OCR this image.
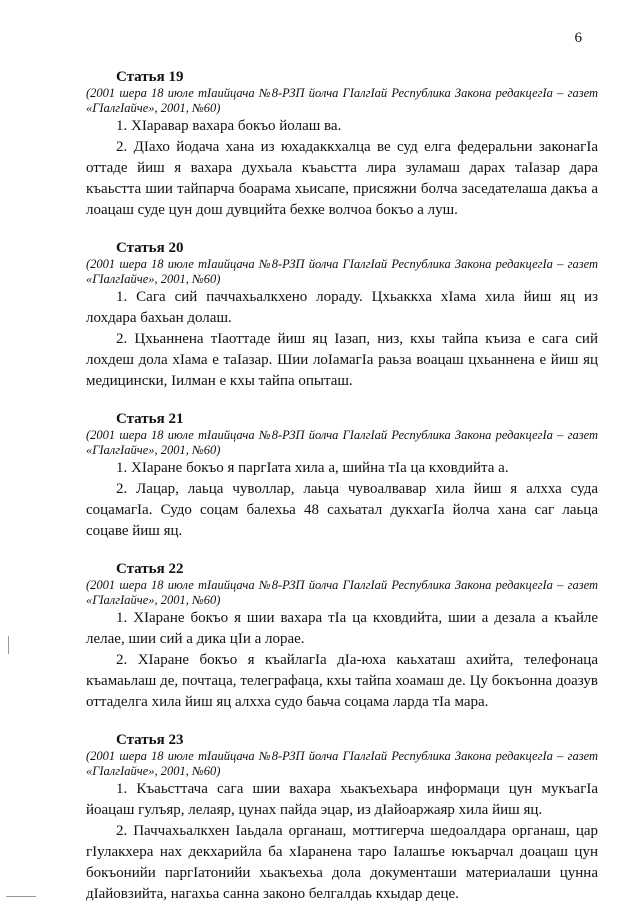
6
Статья 19
(2001 шера 18 июле тІаийцача №8-РЗП йолча ГІалгІай Республика Закона редакцегІа – газет «ГІалгІайче», 2001, №60)

1. ХІаравар вахара бокъо йолаш ва.

2. ДІахо йодача хана из юхадаккхалца ве суд елга федеральни законагІа оттаде йиш я вахара духьала къаьстта лира зуламаш дарах таІазар дара къаьстта шии тайпарча боарама хьисапе, присяжни болча заседателаша дакъа а лоацаш суде цун дош дувцийта бехке волчоа бокъо а луш.

Статья 20
(2001 шера 18 июле тІаийцача №8-РЗП йолча ГІалгІай Республика Закона редакцегІа – газет «ГІалгІайче», 2001, №60)

1. Сага сий паччахьалкхено лораду. Цхьаккха хІама хила йиш яц из лохдара бахьан долаш.

2. Цхьаннена тІаоттаде йиш яц Іазап, низ, кхы тайпа къиза е сага сий лохдеш дола хІама е таІазар. Шии лоІамагІа раьза воацаш цхьаннена е йиш яц медицински, Іилман е кхы тайпа опыташ.

Статья 21
(2001 шера 18 июле тІаийцача №8-РЗП йолча ГІалгІай Республика Закона редакцегІа – газет «ГІалгІайче», 2001, №60)

1. ХІаране бокъо я паргІата хила а, шийна тІа ца кховдийта а.

2. Лацар, лаьца чуволлар, лаьца чувоалвавар хила йиш я алхха суда соцамагІа. Судо соцам балехьа 48 сахьатал дукхагІа йолча хана саг лаьца соцаве йиш яц.

Статья 22
(2001 шера 18 июле тІаийцача №8-РЗП йолча ГІалгІай Республика Закона редакцегІа – газет «ГІалгІайче», 2001, №60)

1. ХІаране бокъо я шии вахара тІа ца кховдийта, шии а дезала а къайле лелае, шии сий а дика цІи а лорае.

2. ХІаране бокъо я къайлагІа дІа-юха каьхаташ ахийта, телефонаца къамаьлаш де, почтаца, телеграфаца, кхы тайпа хоамаш де. Цу бокъонна доазув оттаделга хила йиш яц алхха судо баьча соцама ларда тІа мара.

Статья 23
(2001 шера 18 июле тІаийцача №8-РЗП йолча ГІалгІай Республика Закона редакцегІа – газет «ГІалгІайче», 2001, №60)

1. Къаьсттача сага шии вахара хьакъехьара информаци цун мукъагІа йоацаш гулъяр, лелаяр, цунах пайда эцар, из дІайоаржаяр хила йиш яц.

2. Паччахьалкхен Іаьдала органаш, моттигерча шедоалдара органаш, цар гІулакхера нах декхарийла ба хІаранена таро Іалашъе юкъарчал доацаш цун бокъонийи паргІатонийи хьакъехьа дола документаши материалаши цунна дІайовзийта, нагахьа санна законо белгалдаь кхыдар деце.
